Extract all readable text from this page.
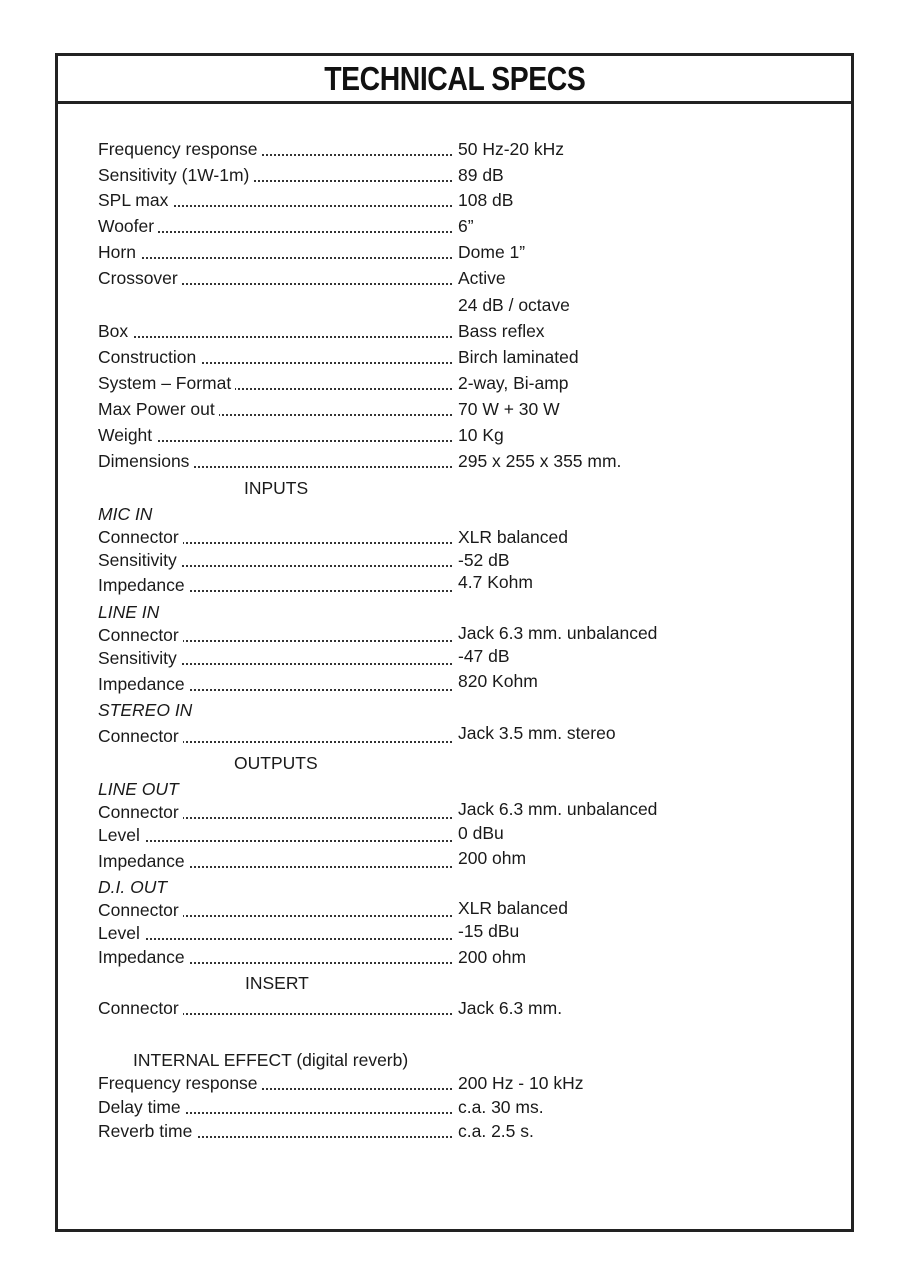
TECHNICAL SPECS
Frequency response	50 Hz-20 kHz
Sensitivity (1W-1m)	89 dB
SPL max	108 dB
Woofer	6”
Horn	Dome 1”
Crossover	Active
24 dB / octave
Box	Bass reflex
Construction	Birch laminated
System – Format	2-way, Bi-amp
Max Power out	70 W + 30 W
Weight	10 Kg
Dimensions	295 x 255 x 355 mm.
INPUTS
MIC IN
Connector	XLR balanced
Sensitivity	-52 dB
Impedance	4.7 Kohm
LINE IN
Connector	Jack 6.3 mm. unbalanced
Sensitivity	-47 dB
Impedance	820 Kohm
STEREO IN
Connector	Jack 3.5 mm. stereo
OUTPUTS
LINE OUT
Connector	Jack 6.3 mm. unbalanced
Level	0 dBu
Impedance	200 ohm
D.I. OUT
Connector	XLR balanced
Level	-15 dBu
Impedance	200 ohm
INSERT
Connector	Jack 6.3 mm.
INTERNAL EFFECT (digital reverb)
Frequency response	200 Hz - 10 kHz
Delay time	c.a. 30 ms.
Reverb time	c.a. 2.5 s.
